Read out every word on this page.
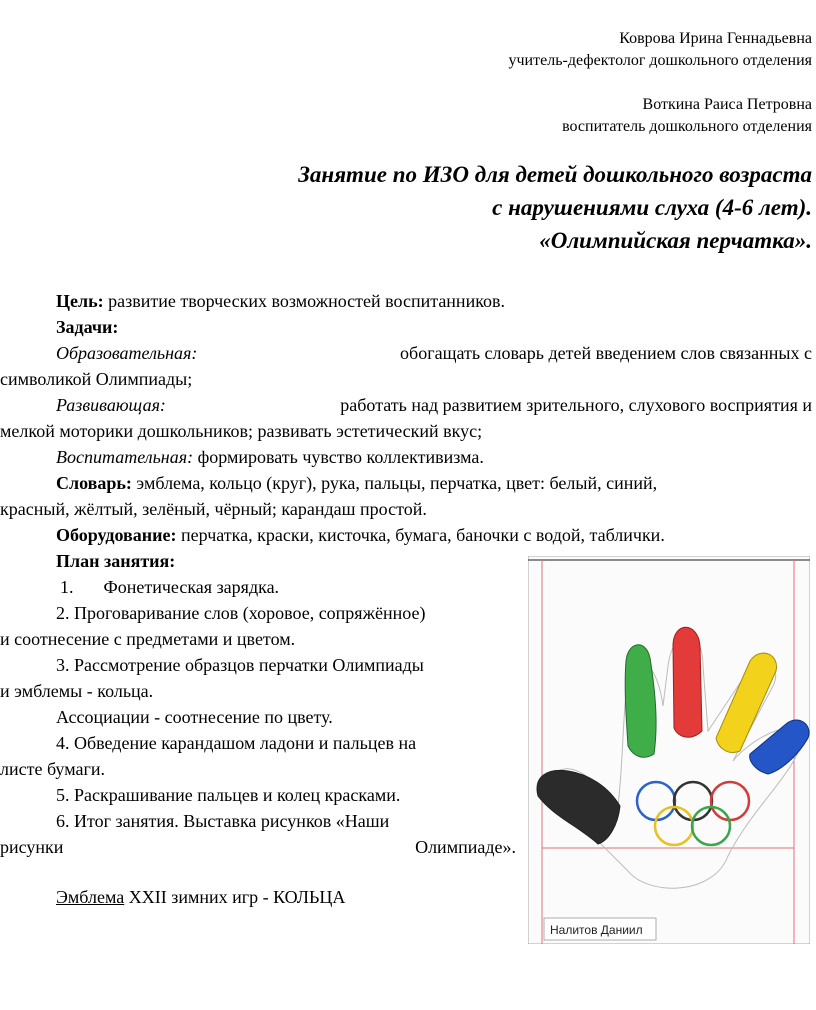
Коврова Ирина Геннадьевна
учитель-дефектолог дошкольного отделения
Воткина Раиса Петровна
воспитатель дошкольного отделения
Занятие по ИЗО для детей дошкольного возраста
с нарушениями слуха (4-6 лет).
«Олимпийская перчатка».
Цель: развитие творческих возможностей воспитанников.
Задачи:
Образовательная:	обогащать словарь детей введением слов связанных с
символикой Олимпиады;
Развивающая:	работать над развитием зрительного, слухового восприятия и
мелкой моторики дошкольников; развивать эстетический вкус;
Воспитательная: формировать чувство коллективизма.
Словарь: эмблема, кольцо (круг), рука, пальцы, перчатка, цвет: белый, синий,
красный, жёлтый, зелёный, чёрный; карандаш простой.
Оборудование: перчатка, краски, кисточка, бумага, баночки с водой, таблички.
План занятия:
1. Фонетическая зарядка.
2. Проговаривание слов (хоровое, сопряжённое)
и соотнесение с предметами и цветом.
3. Рассмотрение образцов перчатки Олимпиады
и эмблемы - кольца.
Ассоциации - соотнесение по цвету.
4. Обведение карандашом ладони и пальцев на
листе бумаги.
5. Раскрашивание пальцев и колец красками.
6. Итог занятия. Выставка рисунков «Наши
рисунки	Олимпиаде».
Эмблема XXII зимних игр - КОЛЬЦА
Налитов Даниил
